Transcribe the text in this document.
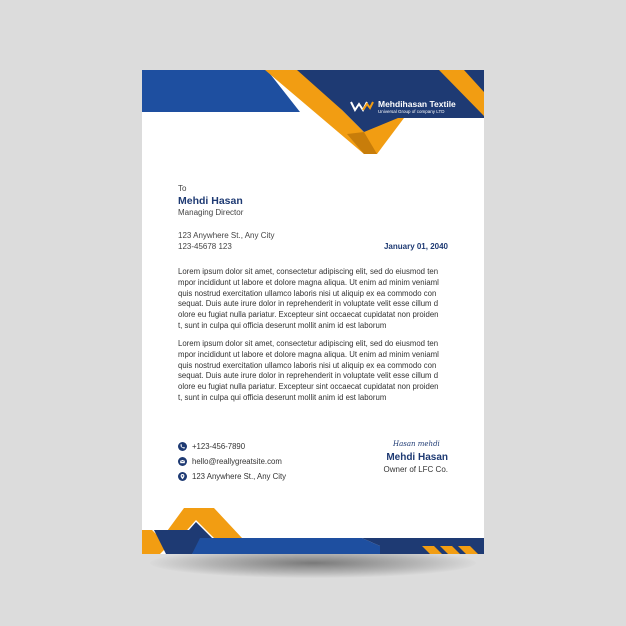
Mehdihasan Textile
Universal Group of company LTD
To
Mehdi Hasan
Managing Director
123 Anywhere St., Any City
123-45678 123	January 01, 2040

Lorem ipsum dolor sit amet, consectetur adipiscing elit, sed do eiusmod ten
mpor incididunt ut labore et dolore magna aliqua. Ut enim ad minim veniaml
quis nostrud exercitation ullamco laboris nisi ut aliquip ex ea commodo con
sequat. Duis aute irure dolor in reprehenderit in voluptate velit esse cillum d
olore eu fugiat nulla pariatur. Excepteur sint occaecat cupidatat non proiden
t, sunt in culpa qui officia deserunt mollit anim id est laborum

Lorem ipsum dolor sit amet, consectetur adipiscing elit, sed do eiusmod ten
mpor incididunt ut labore et dolore magna aliqua. Ut enim ad minim veniaml
quis nostrud exercitation ullamco laboris nisi ut aliquip ex ea commodo con
sequat. Duis aute irure dolor in reprehenderit in voluptate velit esse cillum d
olore eu fugiat nulla pariatur. Excepteur sint occaecat cupidatat non proiden
t, sunt in culpa qui officia deserunt mollit anim id est laborum

+123-456-7890
hello@reallygreatsite.com
123 Anywhere St., Any City
Hasan mehdi
Mehdi Hasan
Owner of LFC Co.
